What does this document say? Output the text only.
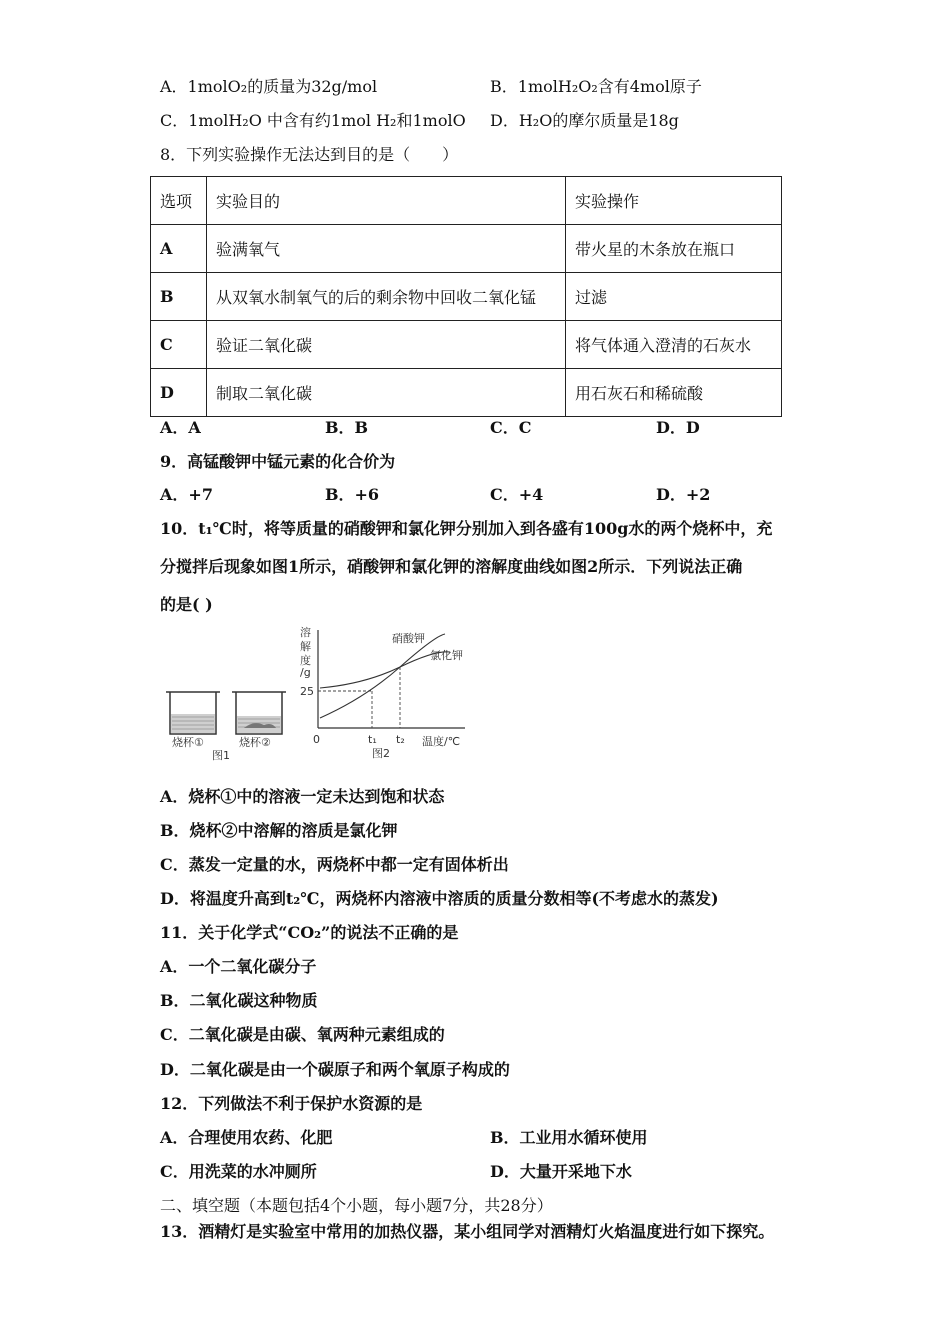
A．1molO₂的质量为32g/mol	B．1molH₂O₂含有4mol原子
C．1molH₂O 中含有约1mol H₂和1molO D．H₂O的摩尔质量是18g
8．下列实验操作无法达到目的是（　　）
选项	实验目的	实验操作
A	验满氧气	带火星的木条放在瓶口
B	从双氧水制氧气的后的剩余物中回收二氧化锰	过滤
C	验证二氧化碳	将气体通入澄清的石灰水
D	制取二氧化碳	用石灰石和稀硫酸
A．A	B．B	C．C	D．D
9．高锰酸钾中锰元素的化合价为
A．+7	B．+6	C．+4	D．+2
10．t₁℃时，将等质量的硝酸钾和氯化钾分别加入到各盛有100g水的两个烧杯中，充
分搅拌后现象如图1所示，硝酸钾和氯化钾的溶解度曲线如图2所示．下列说法正确
的是( )
烧杯①	烧杯②
图1
溶
解
度
/g
25
0	t₁ t₂ 温度/℃
图2
硝酸钾
氯化钾
A．烧杯①中的溶液一定未达到饱和状态
B．烧杯②中溶解的溶质是氯化钾
C．蒸发一定量的水，两烧杯中都一定有固体析出
D．将温度升高到t₂℃，两烧杯内溶液中溶质的质量分数相等(不考虑水的蒸发)
11．关于化学式“CO₂”的说法不正确的是
A．一个二氧化碳分子
B．二氧化碳这种物质
C．二氧化碳是由碳、氧两种元素组成的
D．二氧化碳是由一个碳原子和两个氧原子构成的
12．下列做法不利于保护水资源的是
A．合理使用农药、化肥	B．工业用水循环使用
C．用洗菜的水冲厕所	D．大量开采地下水
二、填空题（本题包括4个小题，每小题7分，共28分）
13．酒精灯是实验室中常用的加热仪器，某小组同学对酒精灯火焰温度进行如下探究。
